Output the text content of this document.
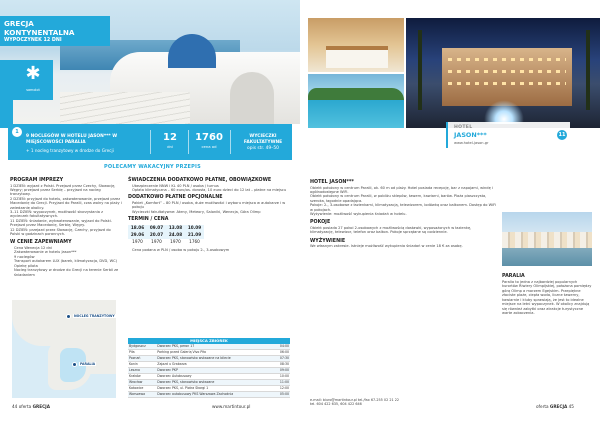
GRECJA
KONTYNENTALNA
WYPOCZYNEK 12 DNI
✱
samolot
1
9 NOCLEGÓW W HOTELU JASON*** W MIEJSCOWOŚCI PARALIA
+ 1 nocleg tranzytowy w drodze do Grecji
12
dni
1760
cena od
WYCIECZKI FAKULTATYWNE
opis str. 49–50
POLECAMY WAKACYJNY PRZEPIS
PROGRAM IMPREZY
1 DZIEŃ: wyjazd z Polski. Przejazd przez Czechy, Słowację, Węgry; przejazd przez Serbię – przyjazd na nocleg tranzytowy.
2 DZIEŃ: przyjazd do hotelu, zakwaterowanie, przejazd przez Macedonię do Grecji. Przyjazd do Paralii, czas wolny na plaży i zwiedzanie okolicy.
3–11 DZIEŃ: wypoczynek, możliwość skorzystania z wycieczek fakultatywnych.
11 DZIEŃ: śniadanie, wykwaterowanie, wyjazd do Polski. Przejazd przez Macedonię, Serbię, Węgry.
12 DZIEŃ: przejazd przez Słowację, Czechy, przyjazd do Polski w godzinach porannych.
W CENIE ZAPEWNIAMY
Cena Wenecja 12 dni
Zakwaterowanie w hotelu Jason***
9 noclegów
Transport autokarem LUX (barek, klimatyzacja, DVD, WC)
Opiekę pilota
Nocleg tranzytowy w drodze do Grecji na terenie Serbii ze śniadaniem
ŚWIADCZENIA DODATKOWO PŁATNE, OBOWIĄZKOWE
Ubezpieczenie NNW i KL 40 PLN / osoba / turnus
Opłata klimatyczna – 60 euro/os. dorosła, 10 euro dzieci do 12 lat – płatne na miejscu
DODATKOWO PŁATNE OPCJONALNE
Pakiet „Komfort” – 80 PLN / osoba, duże możliwości i wyboru miejsca w autokarze i w pokoju
Wycieczki fakultatywne: Ateny, Meteory, Saloniki, Wenecja, Góra Olimp
TERMIN / CENA
18.06	09.07	13.08	10.09
29.06	20.07	24.08	21.09
1970	1970	1970	1760
Cena podana w PLN / osoba w pokoju 2-, 3-osobowym
NOCLEG TRANZYTOWY
PARALIA
MIEJSCA ZBIÓREK
Bydgoszcz	Dworzec PKS, peron 17	04:00
Piła	Parking przed Galerią Vivo Piła	06:00
Poznań	Dworzec PKS, stanowisko wskazane na bilecie	07:30
Konin	Zajazd u Grabarza	08:30
Leszno	Dworzec PKP	09:00
Kraków	Dworzec Autobusowy	10:00
Wrocław	Dworzec PKS, stanowisko wskazane	11:00
Katowice	Dworzec PKS, ul. Piotra Skargi 1	12:00
Warszawa	Dworzec autobusowy PKS Warszawa Zachodnia	05:00
44 oferta GRECJA	www.martintour.pl
HOTEL
JASON***
www.hotel-jason.gr
11
HOTEL JASON***
Obiekt położony w centrum Paralii, ok. 60 m od plaży. Hotel posiada recepcję, bar z napojami, windę i ogólnodostępne WiFi.
Obiekt położony w centrum Paralii, w pobliżu sklepów, tawern, kawiarni, barów. Plaża piaszczysta, szeroka, łagodnie opadająca.
Pokoje: 2-, 3-osobowe z łazienkami, klimatyzacją, telewizorem, lodówką oraz balkonem. Dostęp do WiFi w pokojach.
Wyżywienie: możliwość wykupienia śniadań w hotelu.
POKOJE
Obiekt posiada 27 pokoi 2-osobowych z możliwością dostawki, wyposażonych w łazienkę, klimatyzację, telewizor, telefon oraz balkon. Pokoje sprzątane są codziennie.
WYŻYWIENIE
We własnym zakresie. Istnieje możliwość wykupienia śniadań w cenie 18 € za osobę.
PARALIA
Paralia to jedna z najbardziej popularnych kurortów Riwiery Olimpijskiej, położona pomiędzy górą Olimp a morzem Egejskim. Przepiękne złociste plaże, ciepła woda, liczne tawerny, kawiarnie i kluby sprawiają, że jest to idealne miejsce na letni wypoczynek. W okolicy znajdują się również zabytki oraz atrakcje turystyczne warte zobaczenia.
e-mail: biuro@martintour.pl tel./fax 67-255 02 21 22
tel. 604 422 635, 604 422 646	oferta GRECJA 45
